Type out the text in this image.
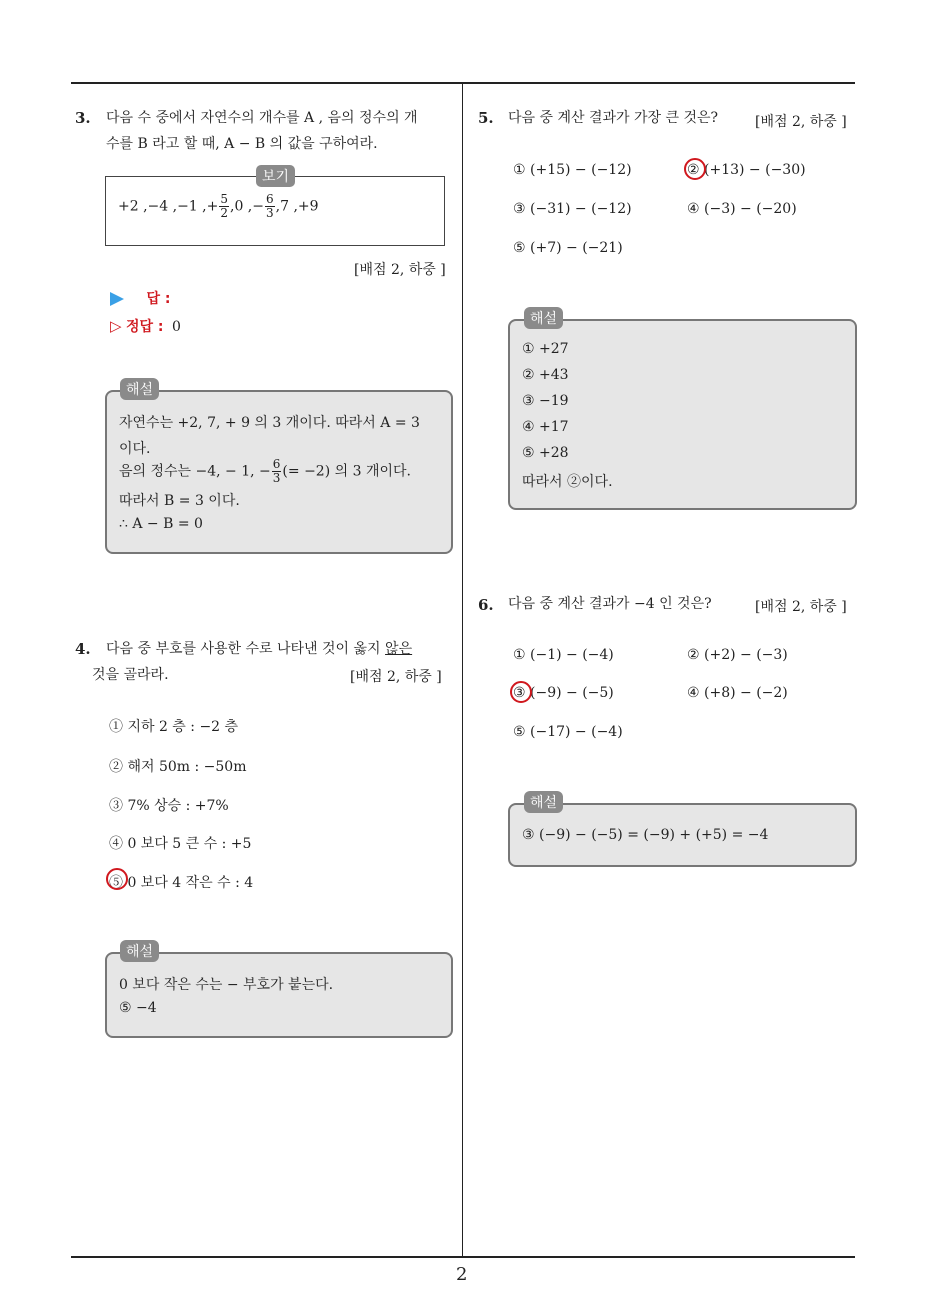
2
3. 다음 수 중에서 자연수의 개수를 A , 음의 정수의 개
수를 B 라고 할 때, A − B 의 값을 구하여라.
보기
+2 ,−4 ,−1 ,+ $\frac{5}{2} ,0$ ,− $\frac{6}{3} ,7$ ,+9
[배점 2, 하중 ]
답 :
▷ 정답 : 0
자연수는 +2, 7, + 9 의 3 개이다. 따라서 A = 3
이다.
음의 정수는 −4, − 1, − $\frac{6}{3}$ (= −2) 의 3 개이다.
따라서 B = 3 이다.
∴ A − B = 0
해설
4. 다음 중 부호를 사용한 수로 나타낸 것이 옳지 않은
것을 골라라.	[배점 2, 하중 ]
① 지하 2 층 : −2 층
② 해저 50m : −50m
③ 7% 상승 : +7%
④ 0 보다 5 큰 수 : +5
⑤ 0 보다 4 작은 수 : 4
0 보다 작은 수는 − 부호가 붙는다.
⑤ −4
해설
5. 다음 중 계산 결과가 가장 큰 것은?	[배점 2, 하중 ]
① (+15) − (−12)	② (+13) − (−30)
③ (−31) − (−12)	④ (−3) − (−20)
⑤ (+7) − (−21)
① +27
② +43
③ −19
④ +17
⑤ +28
따라서 ②이다.
해설
6. 다음 중 계산 결과가 −4 인 것은?	[배점 2, 하중 ]
① (−1) − (−4)	② (+2) − (−3)
③ (−9) − (−5)	④ (+8) − (−2)
⑤ (−17) − (−4)
③ (−9) − (−5) = (−9) + (+5) = −4
해설
